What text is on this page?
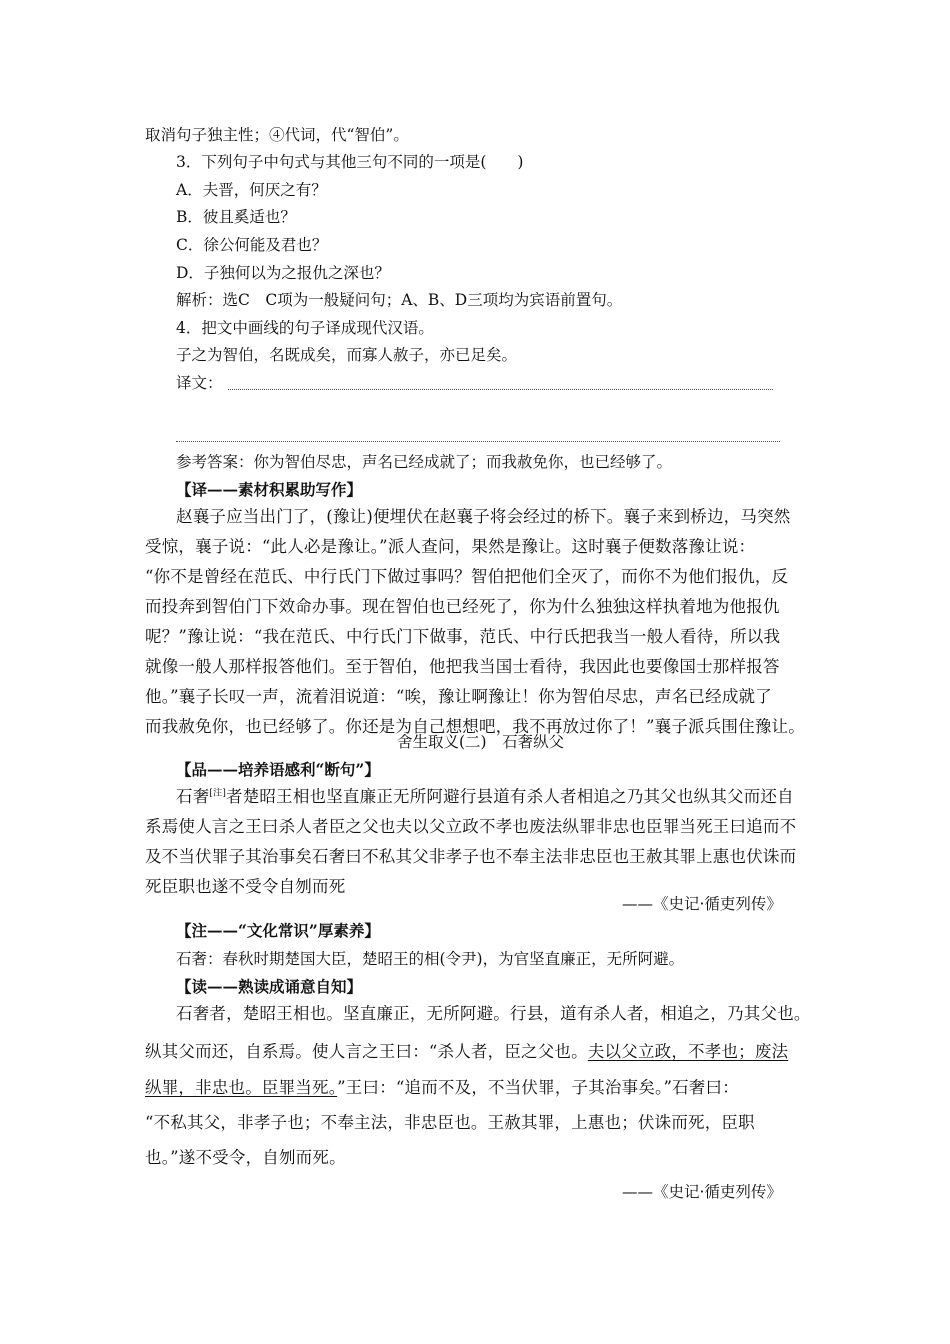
取消句子独主性；④代词，代“智伯”。
3．下列句子中句式与其他三句不同的一项是(　　)
A．夫晋，何厌之有？
B．彼且奚适也？
C．徐公何能及君也？
D．子独何以为之报仇之深也？
解析：选C　C项为一般疑问句；A、B、D三项均为宾语前置句。
4．把文中画线的句子译成现代汉语。
子之为智伯，名既成矣，而寡人赦子，亦已足矣。
译文：
参考答案：你为智伯尽忠，声名已经成就了；而我赦免你，也已经够了。
【译——素材积累助写作】
赵襄子应当出门了，(豫让)便埋伏在赵襄子将会经过的桥下。襄子来到桥边，马突然
受惊，襄子说：“此人必是豫让。”派人查问，果然是豫让。这时襄子便数落豫让说：
“你不是曾经在范氏、中行氏门下做过事吗？智伯把他们全灭了，而你不为他们报仇，反
而投奔到智伯门下效命办事。现在智伯也已经死了，你为什么独独这样执着地为他报仇
呢？”豫让说：“我在范氏、中行氏门下做事，范氏、中行氏把我当一般人看待，所以我
就像一般人那样报答他们。至于智伯，他把我当国士看待，我因此也要像国士那样报答
他。”襄子长叹一声，流着泪说道：“唉，豫让啊豫让！你为智伯尽忠，声名已经成就了
而我赦免你，也已经够了。你还是为自己想想吧，我不再放过你了！”襄子派兵围住豫让。
舍生取义(二)　石奢纵父
【品——培养语感利“断句”】
石奢[注]者楚昭王相也坚直廉正无所阿避行县道有杀人者相追之乃其父也纵其父而还自
系焉使人言之王曰杀人者臣之父也夫以父立政不孝也废法纵罪非忠也臣罪当死王曰追而不
及不当伏罪子其治事矣石奢曰不私其父非孝子也不奉主法非忠臣也王赦其罪上惠也伏诛而
死臣职也遂不受令自刎而死
——《史记·循吏列传》
【注——“文化常识”厚素养】
石奢：春秋时期楚国大臣，楚昭王的相(令尹)，为官坚直廉正，无所阿避。
【读——熟读成诵意自知】
石奢者，楚昭王相也。坚直廉正，无所阿避。行县，道有杀人者，相追之，乃其父也。
纵其父而还，自系焉。使人言之王曰：“杀人者，臣之父也。夫以父立政，不孝也；废法
纵罪，非忠也。臣罪当死。”王曰：“追而不及，不当伏罪，子其治事矣。”石奢曰：
“不私其父，非孝子也；不奉主法，非忠臣也。王赦其罪，上惠也；伏诛而死，臣职
也。”遂不受令，自刎而死。
——《史记·循吏列传》
